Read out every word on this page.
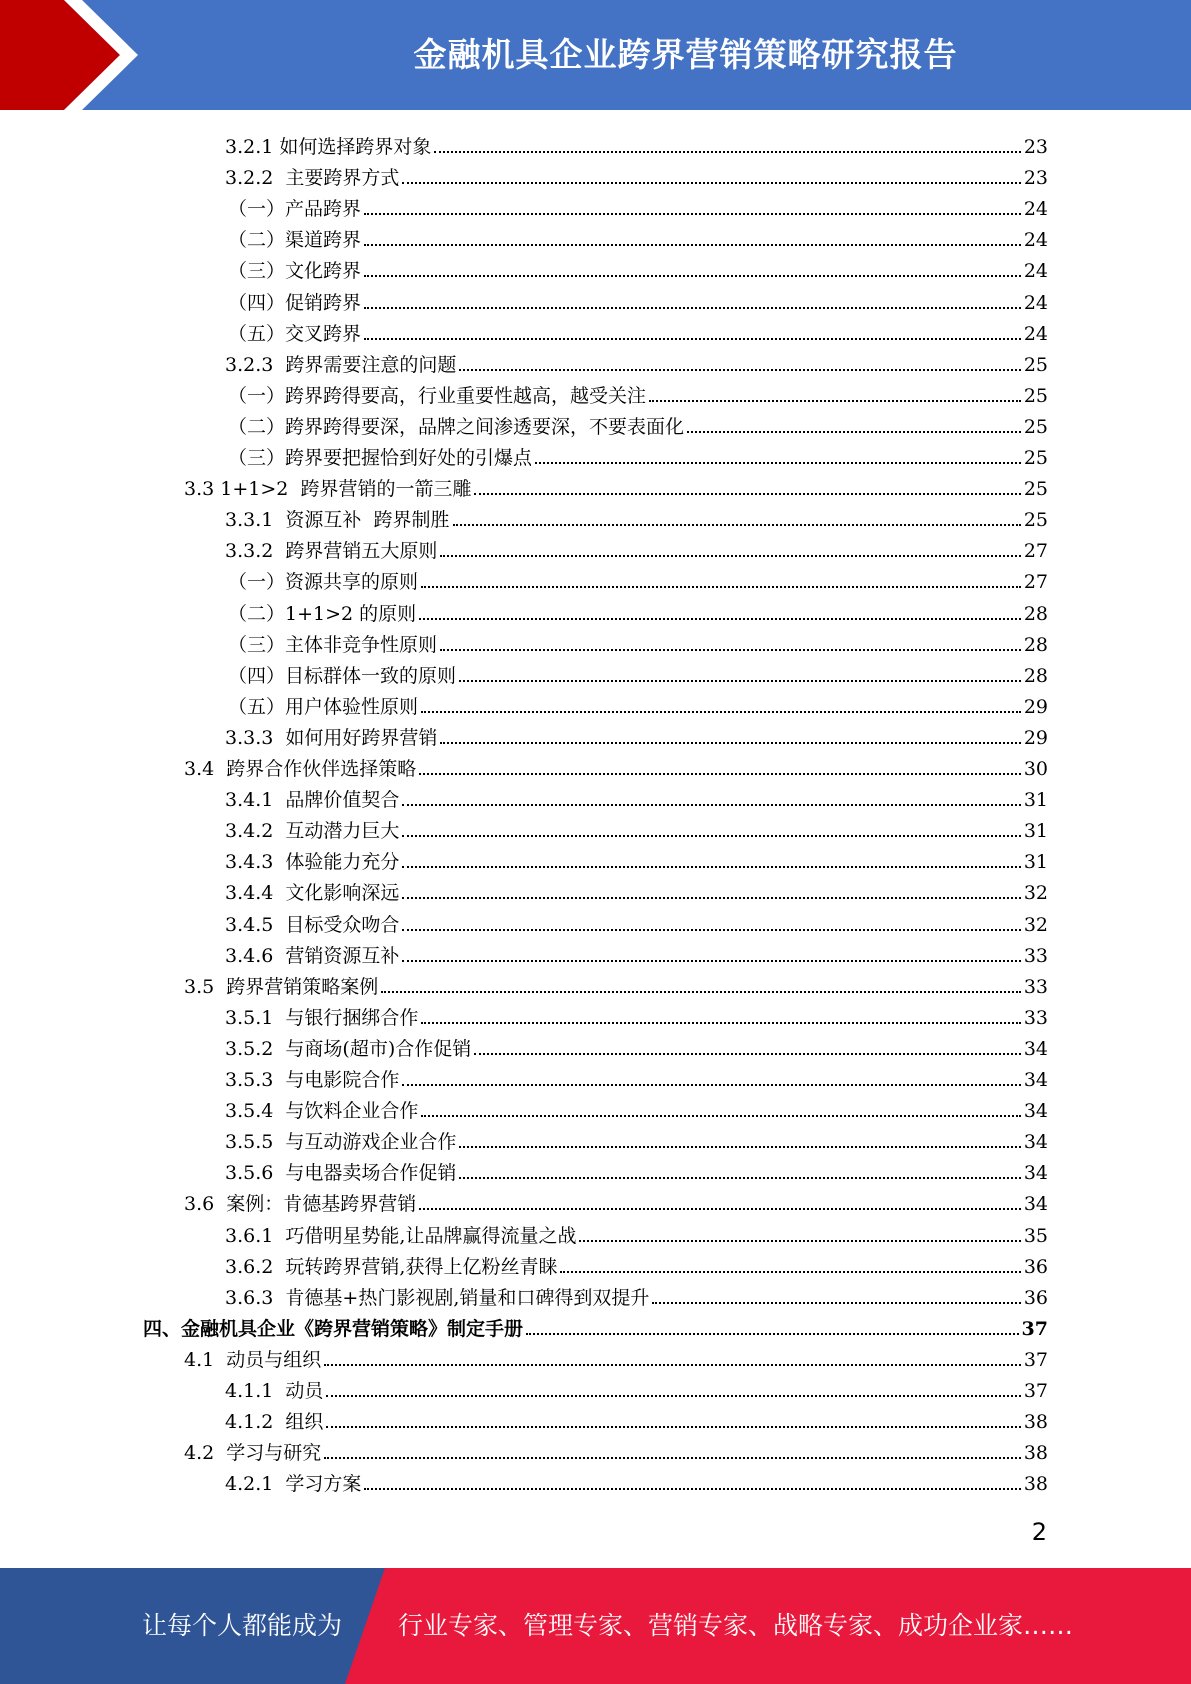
金融机具企业跨界营销策略研究报告
3.2.1 如何选择跨界对象	23
3.2.2  主要跨界方式	23
（一）产品跨界	24
（二）渠道跨界	24
（三）文化跨界	24
（四）促销跨界	24
（五）交叉跨界	24
3.2.3  跨界需要注意的问题	25
（一）跨界跨得要高，行业重要性越高，越受关注	25
（二）跨界跨得要深，品牌之间渗透要深，不要表面化	25
（三）跨界要把握恰到好处的引爆点	25
3.3 1+1>2  跨界营销的一箭三雕	25
3.3.1  资源互补  跨界制胜	25
3.3.2  跨界营销五大原则	27
（一）资源共享的原则	27
（二）1+1>2 的原则	28
（三）主体非竞争性原则	28
（四）目标群体一致的原则	28
（五）用户体验性原则	29
3.3.3  如何用好跨界营销	29
3.4  跨界合作伙伴选择策略	30
3.4.1  品牌价值契合	31
3.4.2  互动潜力巨大	31
3.4.3  体验能力充分	31
3.4.4  文化影响深远	32
3.4.5  目标受众吻合	32
3.4.6  营销资源互补	33
3.5  跨界营销策略案例	33
3.5.1  与银行捆绑合作	33
3.5.2  与商场(超市)合作促销	34
3.5.3  与电影院合作	34
3.5.4  与饮料企业合作	34
3.5.5  与互动游戏企业合作	34
3.5.6  与电器卖场合作促销	34
3.6  案例：肯德基跨界营销	34
3.6.1  巧借明星势能,让品牌赢得流量之战	35
3.6.2  玩转跨界营销,获得上亿粉丝青睐	36
3.6.3  肯德基+热门影视剧,销量和口碑得到双提升	36
四、金融机具企业《跨界营销策略》制定手册	37
4.1  动员与组织	37
4.1.1  动员	37
4.1.2  组织	38
4.2  学习与研究	38
4.2.1  学习方案	38
2
让每个人都能成为 行业专家、管理专家、营销专家、战略专家、成功企业家……
